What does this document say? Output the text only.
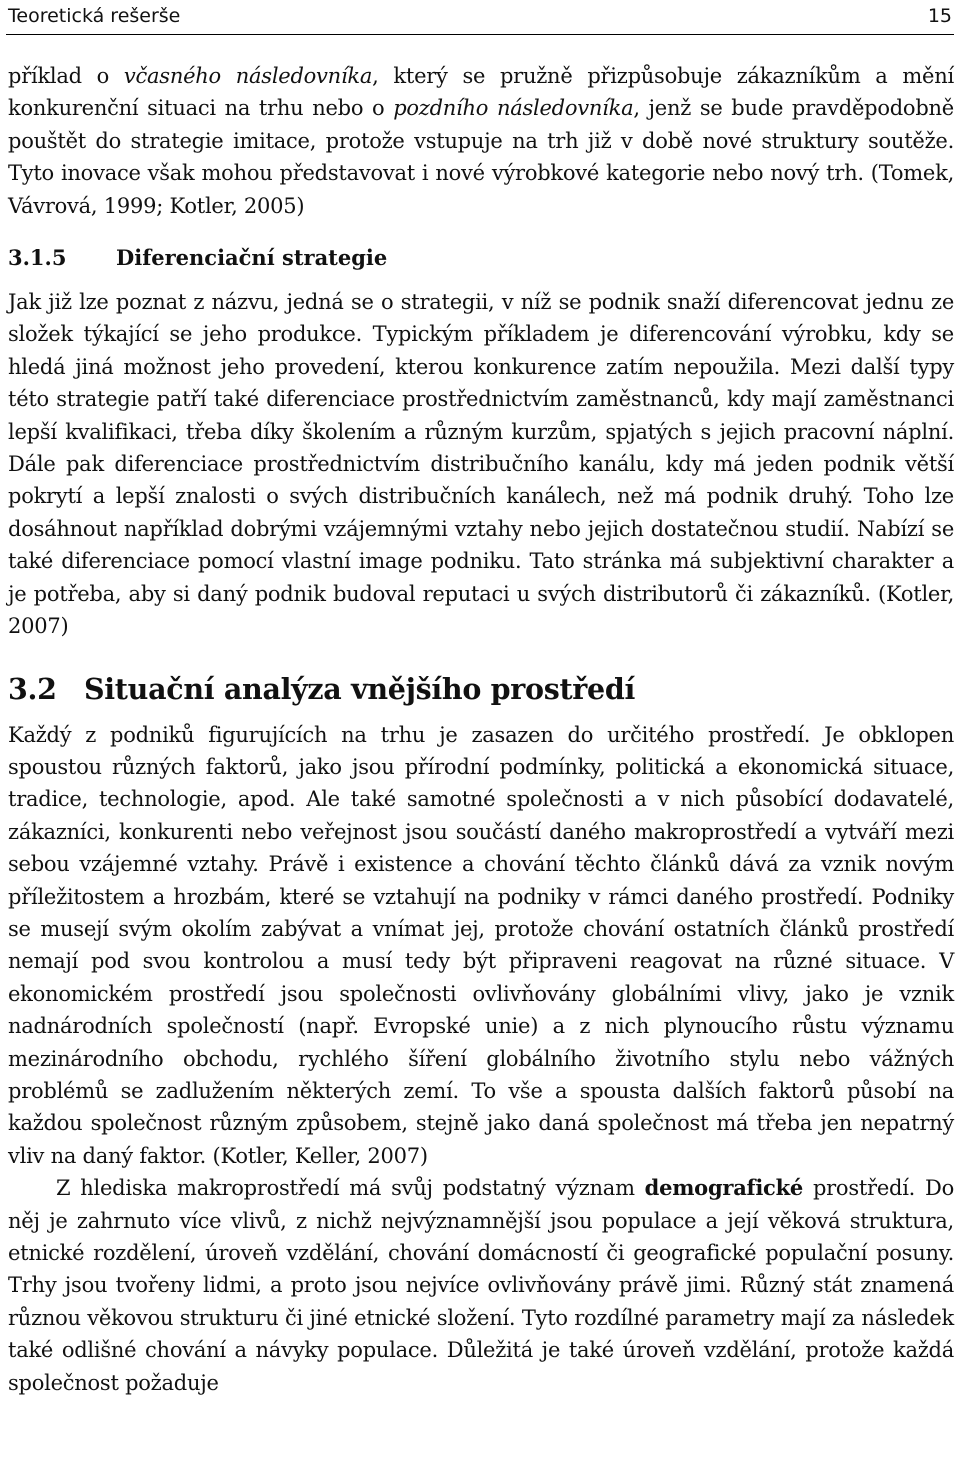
Teoretická rešerše	15

příklad o včasného následovníka, který se pružně přizpůsobuje zákazníkům a mění konkurenční situaci na trhu nebo o pozdního následovníka, jenž se bude pravděpodobně pouštět do strategie imitace, protože vstupuje na trh již v době nové struktury soutěže. Tyto inovace však mohou představovat i nové výrobkové kategorie nebo nový trh. (Tomek, Vávrová, 1999; Kotler, 2005)

3.1.5 Diferenciační strategie

Jak již lze poznat z názvu, jedná se o strategii, v níž se podnik snaží diferencovat jednu ze složek týkající se jeho produkce. Typickým příkladem je diferencování výrobku, kdy se hledá jiná možnost jeho provedení, kterou konkurence zatím nepoužila. Mezi další typy této strategie patří také diferenciace prostřednictvím zaměstnanců, kdy mají zaměstnanci lepší kvalifikaci, třeba díky školením a různým kurzům, spjatých s jejich pracovní náplní. Dále pak diferenciace prostřednictvím distribučního kanálu, kdy má jeden podnik větší pokrytí a lepší znalosti o svých distribučních kanálech, než má podnik druhý. Toho lze dosáhnout například dobrými vzájemnými vztahy nebo jejich dostatečnou studií. Nabízí se také diferenciace pomocí vlastní image podniku. Tato stránka má subjektivní charakter a je potřeba, aby si daný podnik budoval reputaci u svých distributorů či zákazníků. (Kotler, 2007)

3.2 Situační analýza vnějšího prostředí

Každý z podniků figurujících na trhu je zasazen do určitého prostředí. Je obklopen spoustou různých faktorů, jako jsou přírodní podmínky, politická a ekonomická situace, tradice, technologie, apod. Ale také samotné společnosti a v nich působící dodavatelé, zákazníci, konkurenti nebo veřejnost jsou součástí daného makroprostředí a vytváří mezi sebou vzájemné vztahy. Právě i existence a chování těchto článků dává za vznik novým příležitostem a hrozbám, které se vztahují na podniky v rámci daného prostředí. Podniky se musejí svým okolím zabývat a vnímat jej, protože chování ostatních článků prostředí nemají pod svou kontrolou a musí tedy být připraveni reagovat na různé situace. V ekonomickém prostředí jsou společnosti ovlivňovány globálními vlivy, jako je vznik nadnárodních společností (např. Evropské unie) a z nich plynoucího růstu významu mezinárodního obchodu, rychlého šíření globálního životního stylu nebo vážných problémů se zadlužením některých zemí. To vše a spousta dalších faktorů působí na každou společnost různým způsobem, stejně jako daná společnost má třeba jen nepatrný vliv na daný faktor. (Kotler, Keller, 2007)

Z hlediska makroprostředí má svůj podstatný význam demografické prostředí. Do něj je zahrnuto více vlivů, z nichž nejvýznamnější jsou populace a její věková struktura, etnické rozdělení, úroveň vzdělání, chování domácností či geografické populační posuny. Trhy jsou tvořeny lidmi, a proto jsou nejvíce ovlivňovány právě jimi. Různý stát znamená různou věkovou strukturu či jiné etnické složení. Tyto rozdílné parametry mají za následek také odlišné chování a návyky populace. Důležitá je také úroveň vzdělání, protože každá společnost požaduje
